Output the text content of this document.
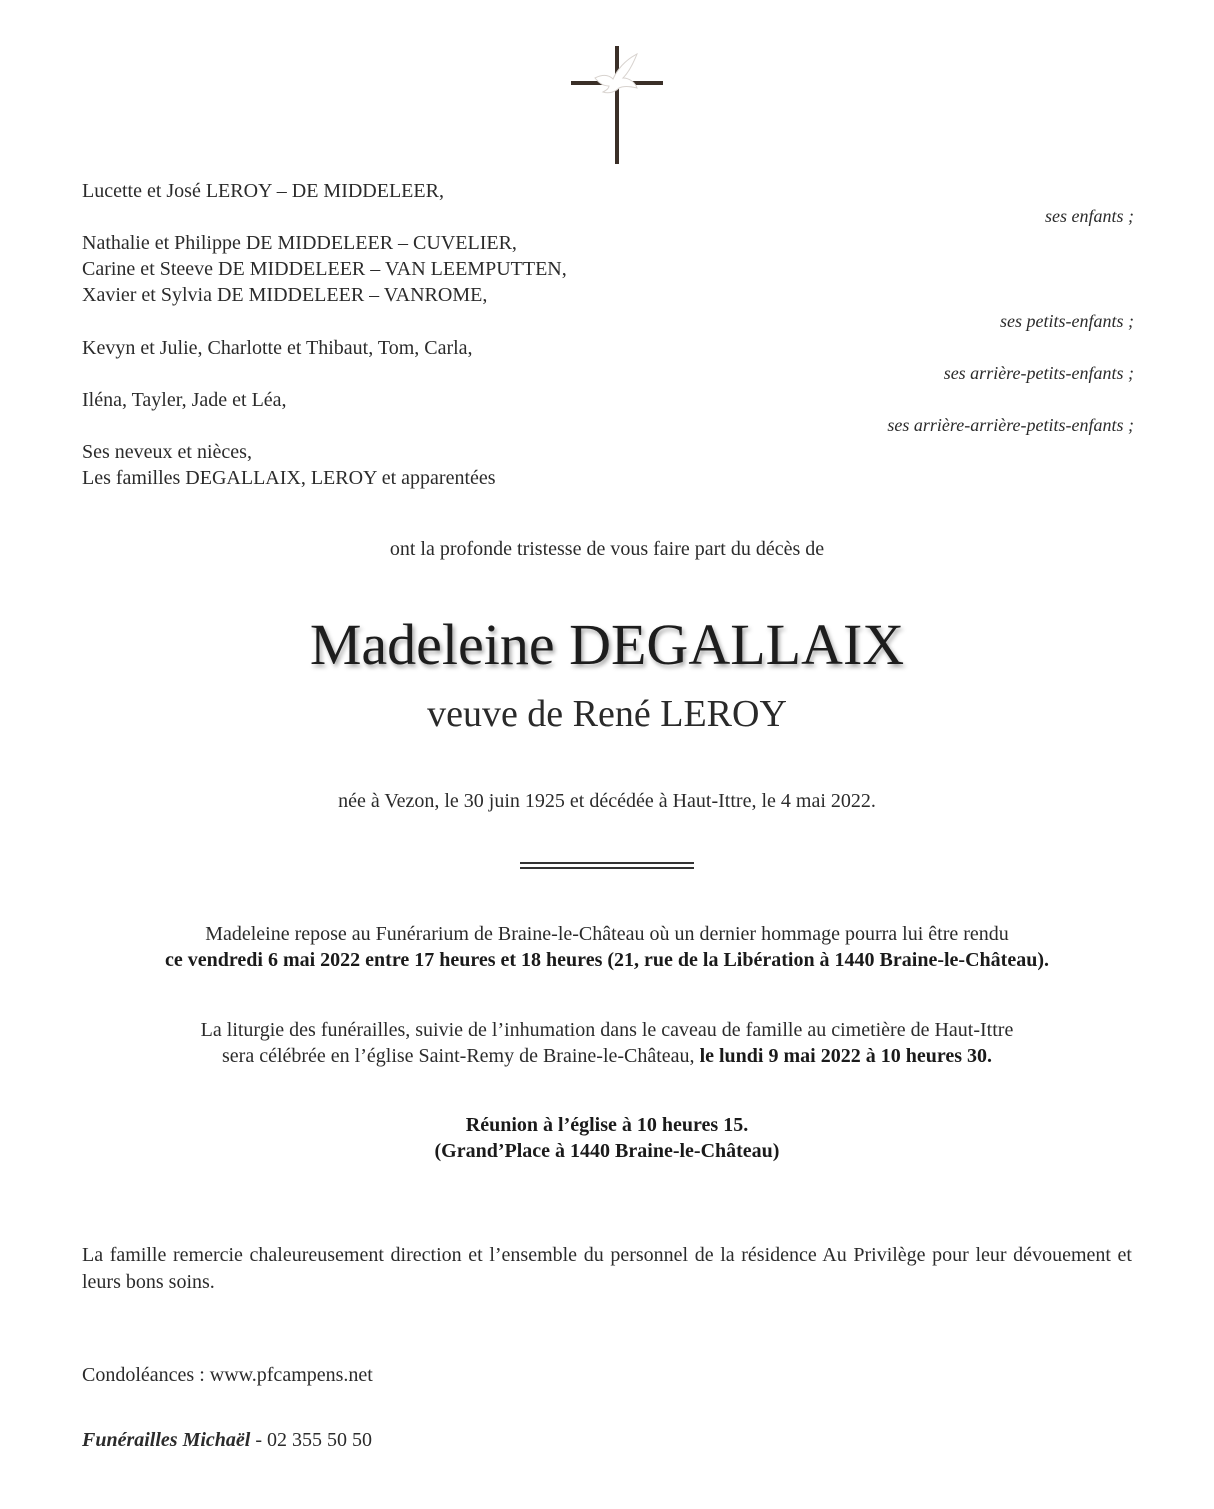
Lucette et José LEROY – DE MIDDELEER,
ses enfants ;
Nathalie et Philippe DE MIDDELEER – CUVELIER,
Carine et Steeve DE MIDDELEER – VAN LEEMPUTTEN,
Xavier et Sylvia DE MIDDELEER – VANROME,
ses petits-enfants ;
Kevyn et Julie, Charlotte et Thibaut, Tom, Carla,
ses arrière-petits-enfants ;
Iléna, Tayler, Jade et Léa,
ses arrière-arrière-petits-enfants ;
Ses neveux et nièces,
Les familles DEGALLAIX, LEROY et apparentées
ont la profonde tristesse de vous faire part du décès de
Madeleine DEGALLAIX
veuve de René LEROY
née à Vezon, le 30 juin 1925 et décédée à Haut-Ittre, le 4 mai 2022.
Madeleine repose au Funérarium de Braine-le-Château où un dernier hommage pourra lui être rendu
ce vendredi 6 mai 2022 entre 17 heures et 18 heures (21, rue de la Libération à 1440 Braine-le-Château).
La liturgie des funérailles, suivie de l’inhumation dans le caveau de famille au cimetière de Haut-Ittre
sera célébrée en l’église Saint-Remy de Braine-le-Château, le lundi 9 mai 2022 à 10 heures 30.
Réunion à l’église à 10 heures 15.
(Grand’Place à 1440 Braine-le-Château)
La famille remercie chaleureusement direction et l’ensemble du personnel de la résidence Au Privilège pour leur dévouement et leurs bons soins.
Condoléances : www.pfcampens.net
Funérailles Michaël - 02 355 50 50
